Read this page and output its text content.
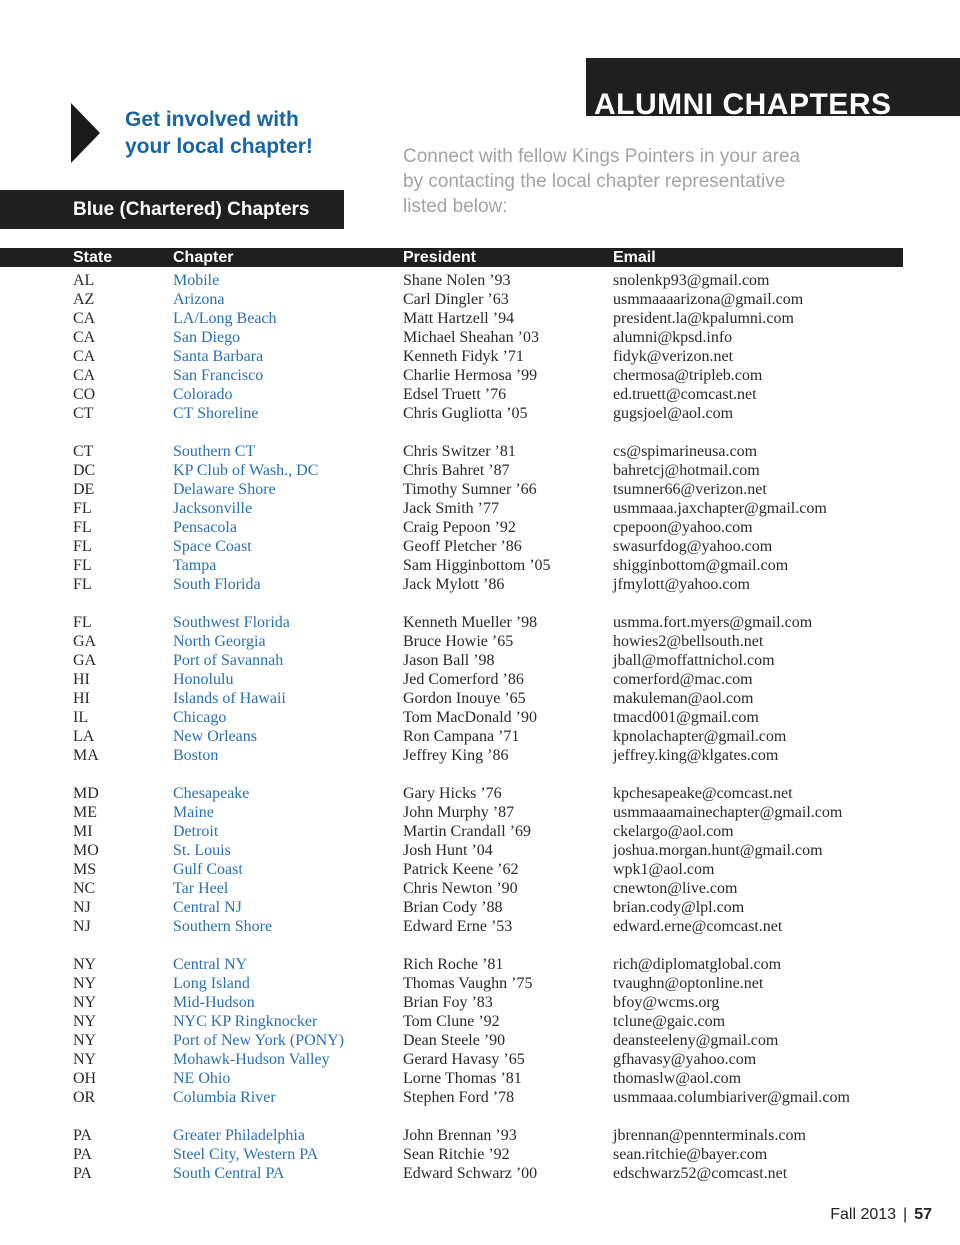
ALUMNI CHAPTERS
Get involved with
your local chapter!	Connect with fellow Kings Pointers in your area
by contacting the local chapter representative
listed below:
Blue (Chartered) Chapters
State	Chapter	President	Email
AL	Mobile	Shane Nolen ’93	snolenkp93@gmail.com
AZ	Arizona	Carl Dingler ’63	usmmaaaarizona@gmail.com
CA	LA/Long Beach	Matt Hartzell ’94	president.la@kpalumni.com
CA	San Diego	Michael Sheahan ’03	alumni@kpsd.info
CA	Santa Barbara	Kenneth Fidyk ’71	fidyk@verizon.net
CA	San Francisco	Charlie Hermosa ’99	chermosa@tripleb.com
CO	Colorado	Edsel Truett ’76	ed.truett@comcast.net
CT	CT Shoreline	Chris Gugliotta ’05	gugsjoel@aol.com
CT	Southern CT	Chris Switzer ’81	cs@spimarineusa.com
DC	KP Club of Wash., DC	Chris Bahret ’87	bahretcj@hotmail.com
DE	Delaware Shore	Timothy Sumner ’66	tsumner66@verizon.net
FL	Jacksonville	Jack Smith ’77	usmmaaa.jaxchapter@gmail.com
FL	Pensacola	Craig Pepoon ’92	cpepoon@yahoo.com
FL	Space Coast	Geoff Pletcher ’86	swasurfdog@yahoo.com
FL	Tampa	Sam Higginbottom ’05	shigginbottom@gmail.com
FL	South Florida	Jack Mylott ’86	jfmylott@yahoo.com
FL	Southwest Florida	Kenneth Mueller ’98	usmma.fort.myers@gmail.com
GA	North Georgia	Bruce Howie ’65	howies2@bellsouth.net
GA	Port of Savannah	Jason Ball ’98	jball@moffattnichol.com
HI	Honolulu	Jed Comerford ’86	comerford@mac.com
HI	Islands of Hawaii	Gordon Inouye ’65	makuleman@aol.com
IL	Chicago	Tom MacDonald ’90	tmacd001@gmail.com
LA	New Orleans	Ron Campana ’71	kpnolachapter@gmail.com
MA	Boston	Jeffrey King ’86	jeffrey.king@klgates.com
MD	Chesapeake	Gary Hicks ’76	kpchesapeake@comcast.net
ME	Maine	John Murphy ’87	usmmaaamainechapter@gmail.com
MI	Detroit	Martin Crandall ’69	ckelargo@aol.com
MO	St. Louis	Josh Hunt ’04	joshua.morgan.hunt@gmail.com
MS	Gulf Coast	Patrick Keene ’62	wpk1@aol.com
NC	Tar Heel	Chris Newton ’90	cnewton@live.com
NJ	Central NJ	Brian Cody ’88	brian.cody@lpl.com
NJ	Southern Shore	Edward Erne ’53	edward.erne@comcast.net
NY	Central NY	Rich Roche ’81	rich@diplomatglobal.com
NY	Long Island	Thomas Vaughn ’75	tvaughn@optonline.net
NY	Mid-Hudson	Brian Foy ’83	bfoy@wcms.org
NY	NYC KP Ringknocker	Tom Clune ’92	tclune@gaic.com
NY	Port of New York (PONY)	Dean Steele ’90	deansteeleny@gmail.com
NY	Mohawk-Hudson Valley	Gerard Havasy ’65	gfhavasy@yahoo.com
OH	NE Ohio	Lorne Thomas ’81	thomaslw@aol.com
OR	Columbia River	Stephen Ford ’78	usmmaaa.columbiariver@gmail.com
PA	Greater Philadelphia	John Brennan ’93	jbrennan@pennterminals.com
PA	Steel City, Western PA	Sean Ritchie ’92	sean.ritchie@bayer.com
PA	South Central PA	Edward Schwarz ’00	edschwarz52@comcast.net
Fall 2013 | 57
